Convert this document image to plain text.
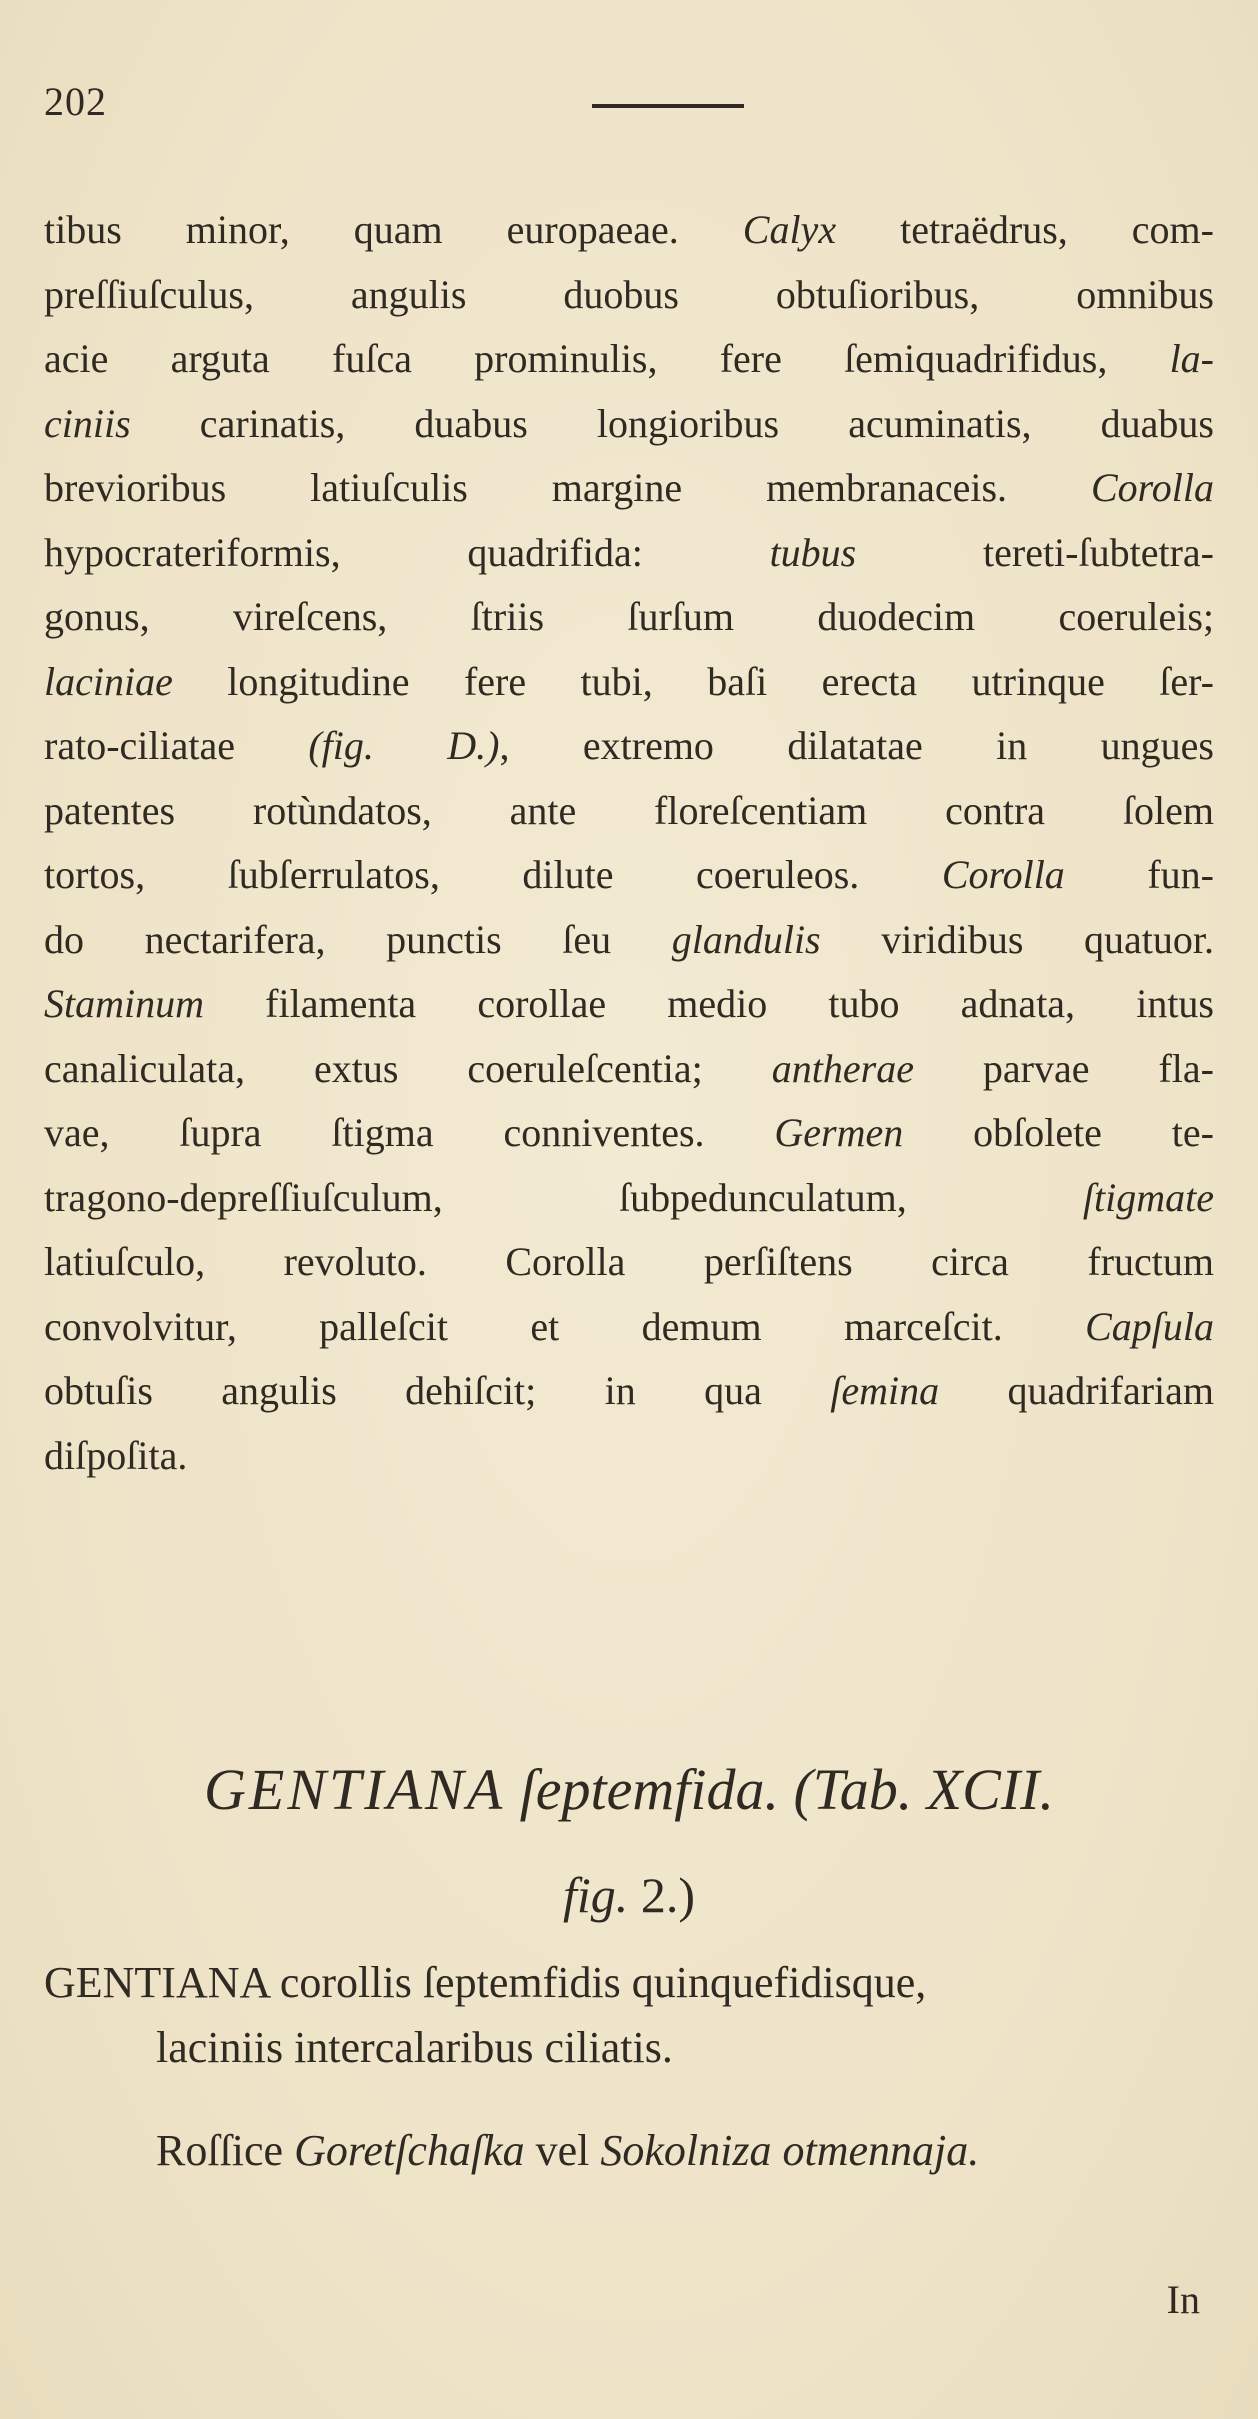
202
tibus minor, quam europaeae. Calyx tetraëdrus, com-
preſſiuſculus, angulis duobus obtuſioribus, omnibus
acie arguta fuſca prominulis, fere ſemiquadrifidus, la-
ciniis carinatis, duabus longioribus acuminatis, duabus
brevioribus latiuſculis margine membranaceis. Corolla
hypocrateriformis, quadrifida: tubus tereti-ſubtetra-
gonus, vireſcens, ſtriis ſurſum duodecim coeruleis;
laciniae longitudine fere tubi, baſi erecta utrinque ſer-
rato-ciliatae (fig. D.), extremo dilatatae in ungues
patentes rotùndatos, ante floreſcentiam contra ſolem
tortos, ſubſerrulatos, dilute coeruleos. Corolla fun-
do nectarifera, punctis ſeu glandulis viridibus quatuor.
Staminum filamenta corollae medio tubo adnata, intus
canaliculata, extus coeruleſcentia; antherae parvae fla-
vae, ſupra ſtigma conniventes. Germen obſolete te-
tragono-depreſſiuſculum, ſubpedunculatum, ſtigmate
latiuſculo, revoluto. Corolla perſiſtens circa fructum
convolvitur, palleſcit et demum marceſcit. Capſula
obtuſis angulis dehiſcit; in qua ſemina quadrifariam
diſpoſita.
GENTIANA ſeptemfida. (Tab. XCII.
fig. 2.)
GENTIANA corollis ſeptemfidis quinquefidisque,
laciniis intercalaribus ciliatis.
Roſſice Goretſchaſka vel Sokolniza otmennaja.
In
